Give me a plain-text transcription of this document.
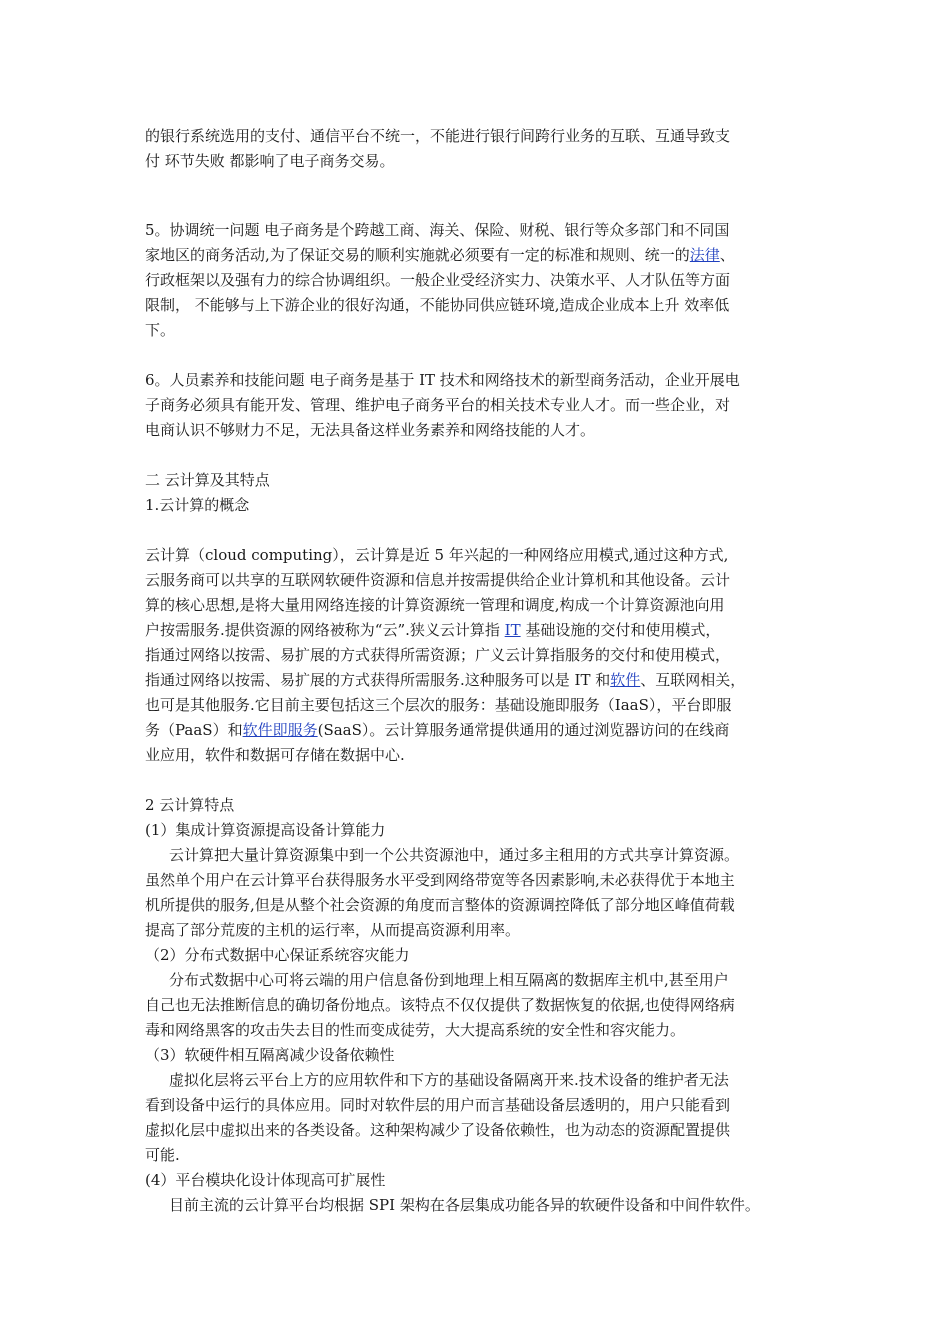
的银行系统选用的支付、通信平台不统一，不能进行银行间跨行业务的互联、互通导致支
付 环节失败 都影响了电子商务交易。
5。协调统一问题 电子商务是个跨越工商、海关、保险、财税、银行等众多部门和不同国
家地区的商务活动,为了保证交易的顺利实施就必须要有一定的标准和规则、统一的法律、
行政框架以及强有力的综合协调组织。一般企业受经济实力、决策水平、人才队伍等方面
限制， 不能够与上下游企业的很好沟通，不能协同供应链环境,造成企业成本上升 效率低
下。
6。人员素养和技能问题 电子商务是基于 IT 技术和网络技术的新型商务活动，企业开展电
子商务必须具有能开发、管理、维护电子商务平台的相关技术专业人才。而一些企业，对
电商认识不够财力不足，无法具备这样业务素养和网络技能的人才。
二 云计算及其特点
1.云计算的概念
云计算（cloud computing），云计算是近 5 年兴起的一种网络应用模式,通过这种方式,
云服务商可以共享的互联网软硬件资源和信息并按需提供给企业计算机和其他设备。云计
算的核心思想,是将大量用网络连接的计算资源统一管理和调度,构成一个计算资源池向用
户按需服务.提供资源的网络被称为“云”.狭义云计算指 IT 基础设施的交付和使用模式，
指通过网络以按需、易扩展的方式获得所需资源；广义云计算指服务的交付和使用模式，
指通过网络以按需、易扩展的方式获得所需服务.这种服务可以是 IT 和软件、互联网相关，
也可是其他服务.它目前主要包括这三个层次的服务：基础设施即服务（IaaS），平台即服
务（PaaS）和软件即服务(SaaS）。云计算服务通常提供通用的通过浏览器访问的在线商
业应用，软件和数据可存储在数据中心.
2 云计算特点
(1）集成计算资源提高设备计算能力
云计算把大量计算资源集中到一个公共资源池中，通过多主租用的方式共享计算资源。
虽然单个用户在云计算平台获得服务水平受到网络带宽等各因素影响,未必获得优于本地主
机所提供的服务,但是从整个社会资源的角度而言整体的资源调控降低了部分地区峰值荷载
提高了部分荒废的主机的运行率，从而提高资源利用率。
（2）分布式数据中心保证系统容灾能力
分布式数据中心可将云端的用户信息备份到地理上相互隔离的数据库主机中,甚至用户
自己也无法推断信息的确切备份地点。该特点不仅仅提供了数据恢复的依据,也使得网络病
毒和网络黑客的攻击失去目的性而变成徒劳，大大提高系统的安全性和容灾能力。
（3）软硬件相互隔离减少设备依赖性
虚拟化层将云平台上方的应用软件和下方的基础设备隔离开来.技术设备的维护者无法
看到设备中运行的具体应用。同时对软件层的用户而言基础设备层透明的，用户只能看到
虚拟化层中虚拟出来的各类设备。这种架构减少了设备依赖性，也为动态的资源配置提供
可能.
(4）平台模块化设计体现高可扩展性
目前主流的云计算平台均根据 SPI 架构在各层集成功能各异的软硬件设备和中间件软件。
